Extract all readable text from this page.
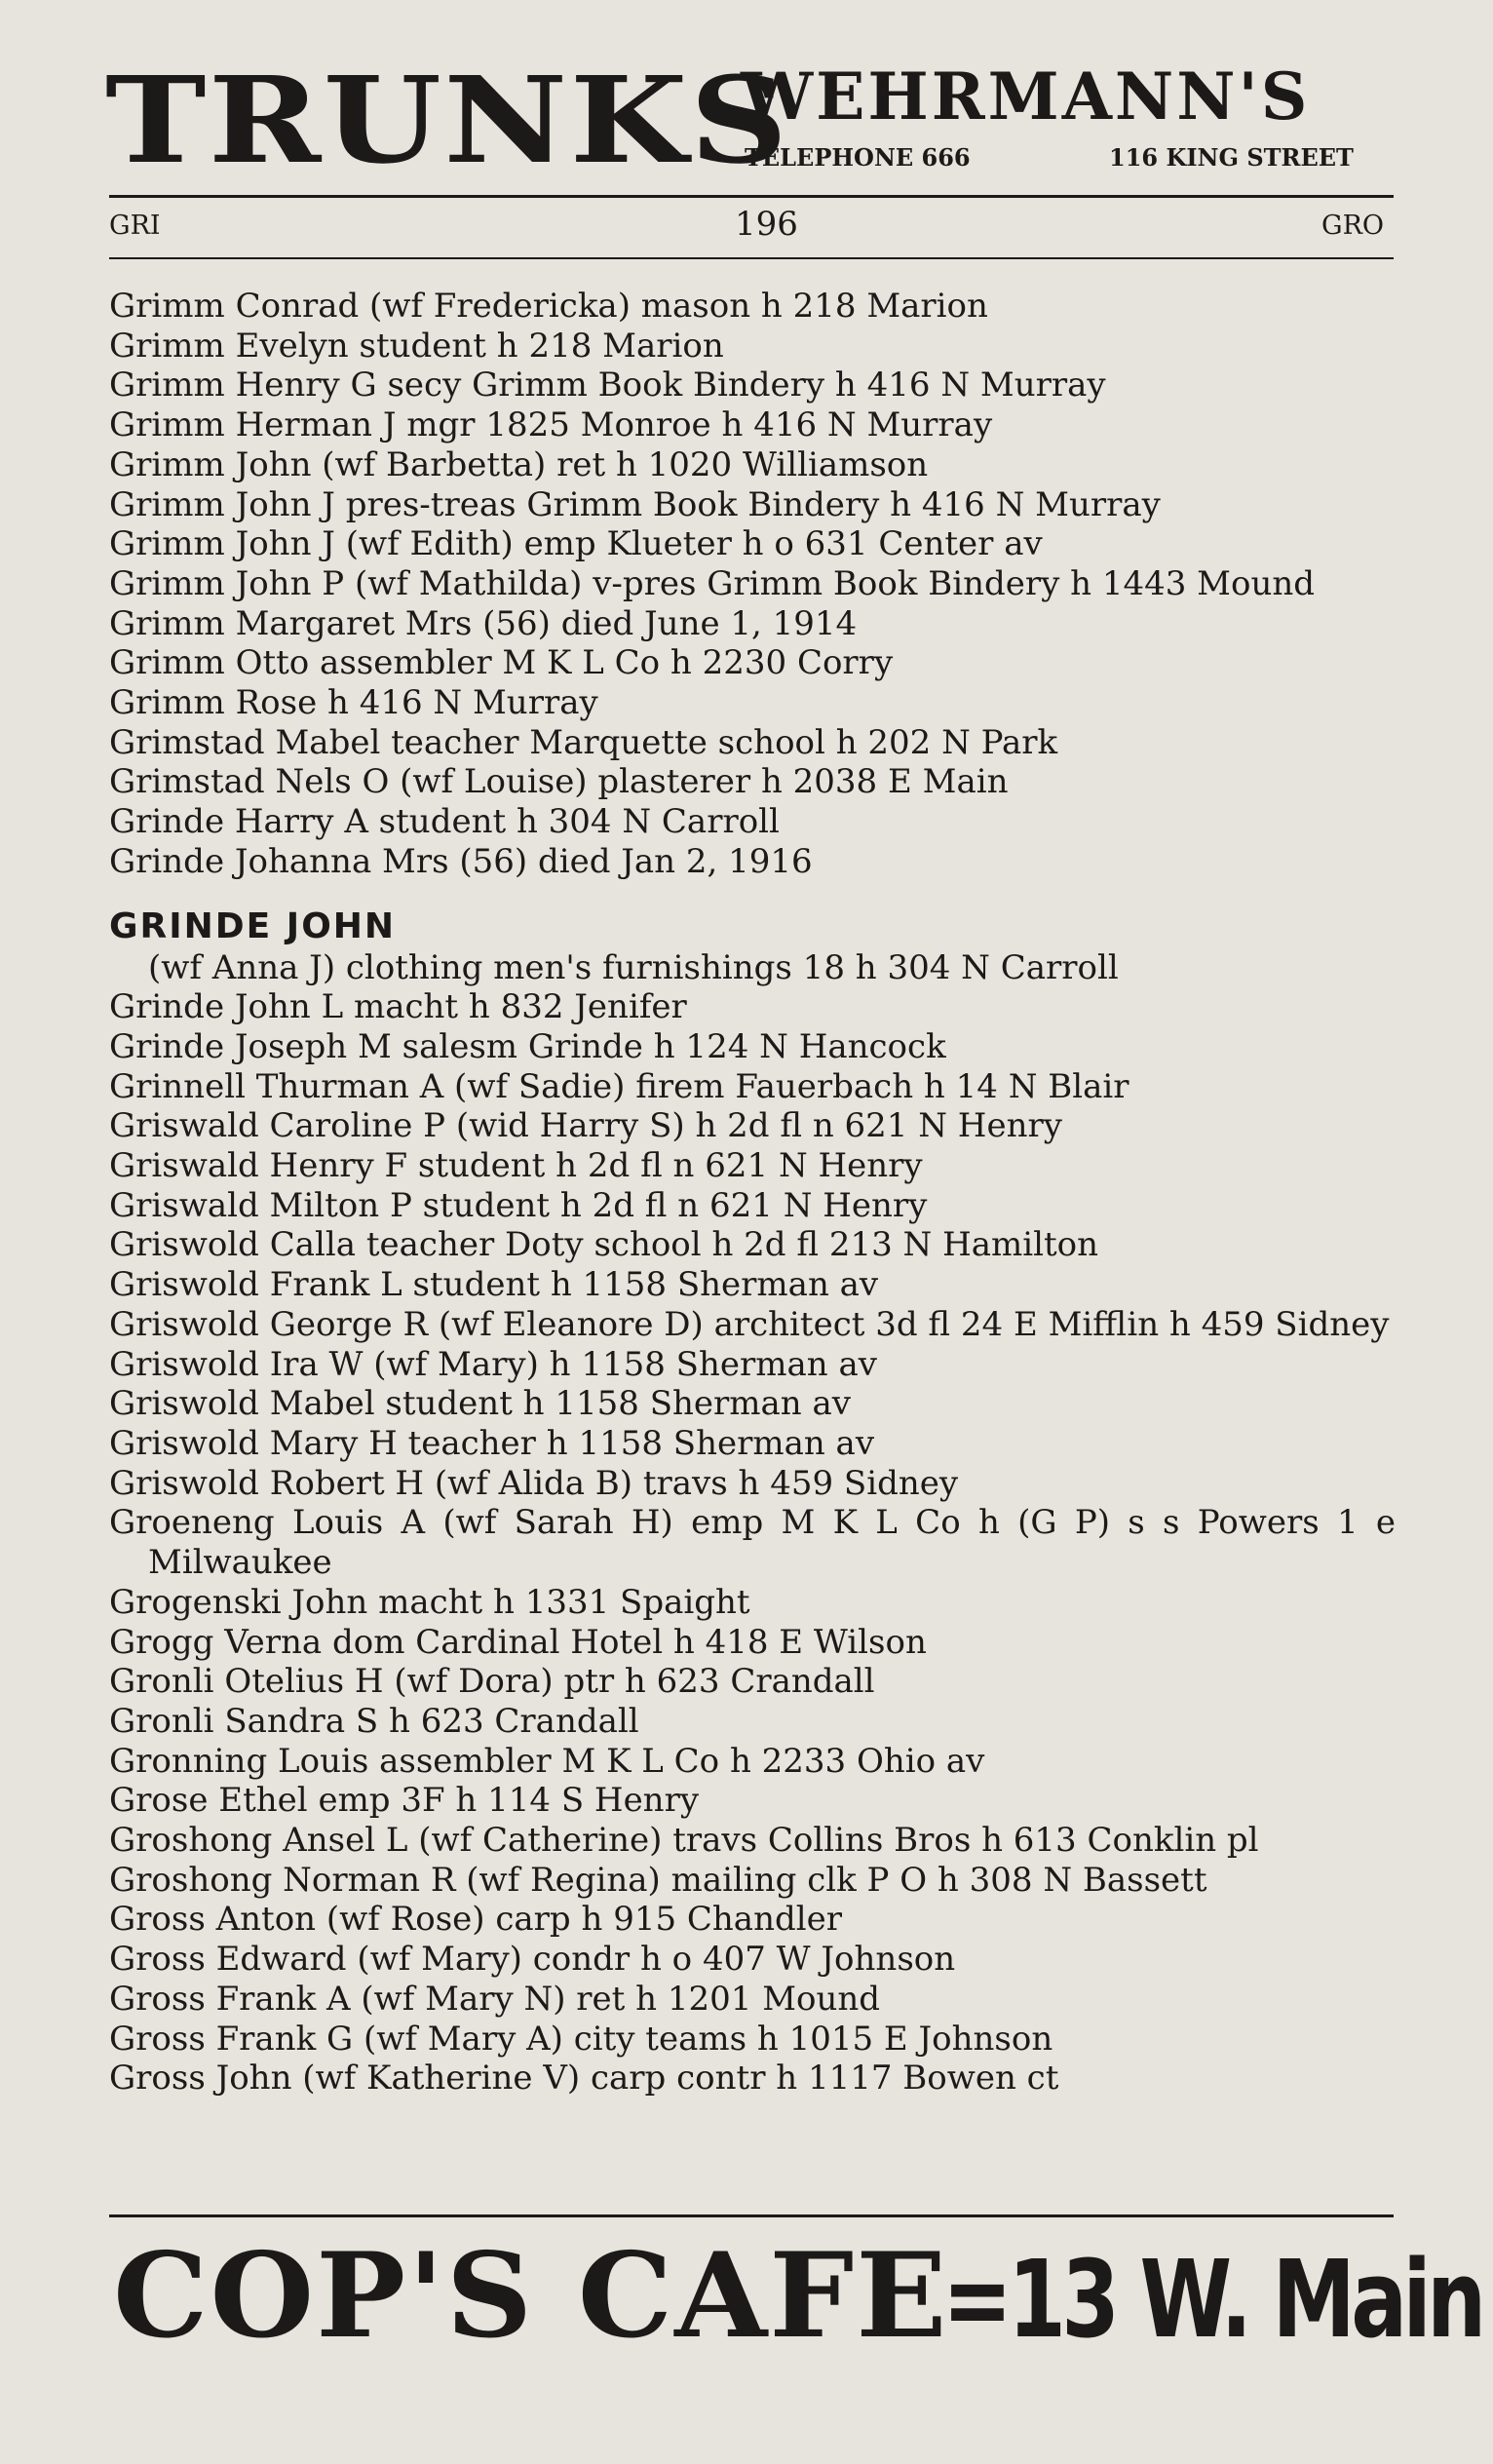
TRUNKS
WEHRMANN'S
TELEPHONE 666	116 KING STREET
GRI	196	GRO
Grimm Conrad (wf Fredericka) mason h 218 Marion
Grimm Evelyn student h 218 Marion
Grimm Henry G secy Grimm Book Bindery h 416 N Murray
Grimm Herman J mgr 1825 Monroe h 416 N Murray
Grimm John (wf Barbetta) ret h 1020 Williamson
Grimm John J pres-treas Grimm Book Bindery h 416 N Murray
Grimm John J (wf Edith) emp Klueter h o 631 Center av
Grimm John P (wf Mathilda) v-pres Grimm Book Bindery h 1443 Mound
Grimm Margaret Mrs (56) died June 1, 1914
Grimm Otto assembler M K L Co h 2230 Corry
Grimm Rose h 416 N Murray
Grimstad Mabel teacher Marquette school h 202 N Park
Grimstad Nels O (wf Louise) plasterer h 2038 E Main
Grinde Harry A student h 304 N Carroll
Grinde Johanna Mrs (56) died Jan 2, 1916
GRINDE JOHN
(wf Anna J) clothing men's furnishings 18 h 304 N Carroll
Grinde John L macht h 832 Jenifer
Grinde Joseph M salesm Grinde h 124 N Hancock
Grinnell Thurman A (wf Sadie) firem Fauerbach h 14 N Blair
Griswald Caroline P (wid Harry S) h 2d fl n 621 N Henry
Griswald Henry F student h 2d fl n 621 N Henry
Griswald Milton P student h 2d fl n 621 N Henry
Griswold Calla teacher Doty school h 2d fl 213 N Hamilton
Griswold Frank L student h 1158 Sherman av
Griswold George R (wf Eleanore D) architect 3d fl 24 E Mifflin h 459 Sidney
Griswold Ira W (wf Mary) h 1158 Sherman av
Griswold Mabel student h 1158 Sherman av
Griswold Mary H teacher h 1158 Sherman av
Griswold Robert H (wf Alida B) travs h 459 Sidney
Groeneng Louis A (wf Sarah H) emp M K L Co h (G P) s s Powers 1 e Milwaukee
Grogenski John macht h 1331 Spaight
Grogg Verna dom Cardinal Hotel h 418 E Wilson
Gronli Otelius H (wf Dora) ptr h 623 Crandall
Gronli Sandra S h 623 Crandall
Gronning Louis assembler M K L Co h 2233 Ohio av
Grose Ethel emp 3F h 114 S Henry
Groshong Ansel L (wf Catherine) travs Collins Bros h 613 Conklin pl
Groshong Norman R (wf Regina) mailing clk P O h 308 N Bassett
Gross Anton (wf Rose) carp h 915 Chandler
Gross Edward (wf Mary) condr h o 407 W Johnson
Gross Frank A (wf Mary N) ret h 1201 Mound
Gross Frank G (wf Mary A) city teams h 1015 E Johnson
Gross John (wf Katherine V) carp contr h 1117 Bowen ct
COP'S CAFE=13 W. Main
